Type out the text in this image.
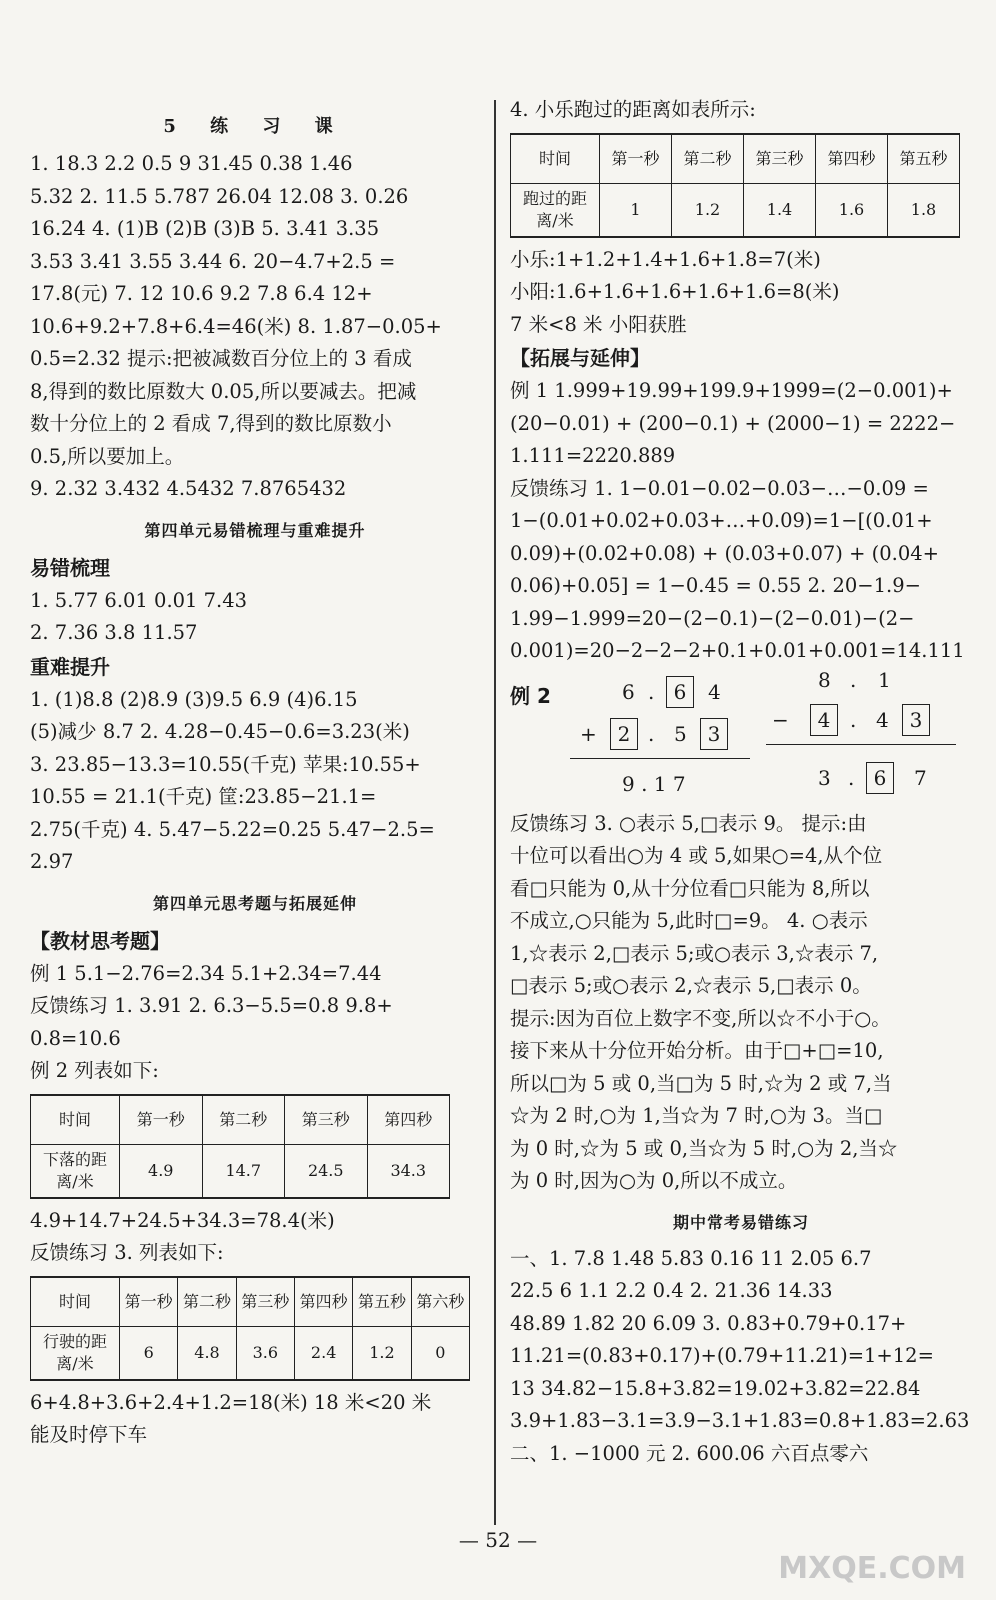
5 练 习 课
1. 18.3 2.2 0.5 9 31.45 0.38 1.46
5.32 2. 11.5 5.787 26.04 12.08 3. 0.26
16.24 4. (1)B (2)B (3)B 5. 3.41 3.35
3.53 3.41 3.55 3.44 6. 20−4.7+2.5 =
17.8(元) 7. 12 10.6 9.2 7.8 6.4 12+
10.6+9.2+7.8+6.4=46(米) 8. 1.87−0.05+
0.5=2.32 提示:把被减数百分位上的 3 看成
8,得到的数比原数大 0.05,所以要减去。把减
数十分位上的 2 看成 7,得到的数比原数小
0.5,所以要加上。
9. 2.32 3.432 4.5432 7.8765432
第四单元易错梳理与重难提升
易错梳理
1. 5.77 6.01 0.01 7.43
2. 7.36 3.8 11.57
重难提升
1. (1)8.8 (2)8.9 (3)9.5 6.9 (4)6.15
(5)减少 8.7 2. 4.28−0.45−0.6=3.23(米)
3. 23.85−13.3=10.55(千克) 苹果:10.55+
10.55 = 21.1(千克) 筐:23.85−21.1=
2.75(千克) 4. 5.47−5.22=0.25 5.47−2.5=
2.97
第四单元思考题与拓展延伸
【教材思考题】
例 1 5.1−2.76=2.34 5.1+2.34=7.44
反馈练习 1. 3.91 2. 6.3−5.5=0.8 9.8+
0.8=10.6
例 2 列表如下:
时间	第一秒	第二秒	第三秒	第四秒
下落的距离/米	4.9	14.7	24.5	34.3
4.9+14.7+24.5+34.3=78.4(米)
反馈练习 3. 列表如下:
时间	第一秒	第二秒	第三秒	第四秒	第五秒	第六秒
行驶的距离/米	6	4.8	3.6	2.4	1.2	0
6+4.8+3.6+2.4+1.2=18(米) 18 米<20 米
能及时停下车
4. 小乐跑过的距离如表所示:
时间	第一秒	第二秒	第三秒	第四秒	第五秒
跑过的距离/米	1	1.2	1.4	1.6	1.8
小乐:1+1.2+1.4+1.6+1.8=7(米)
小阳:1.6+1.6+1.6+1.6+1.6=8(米)
7 米<8 米 小阳获胜
【拓展与延伸】
例 1 1.999+19.99+199.9+1999=(2−0.001)+
(20−0.01) + (200−0.1) + (2000−1) = 2222−
1.111=2220.889
反馈练习 1. 1−0.01−0.02−0.03−…−0.09 =
1−(0.01+0.02+0.03+…+0.09)=1−[(0.01+
0.09)+(0.02+0.08) + (0.03+0.07) + (0.04+
0.06)+0.05] = 1−0.45 = 0.55 2. 20−1.9−
1.99−1.999=20−(2−0.1)−(2−0.01)−(2−
0.001)=20−2−2−2+0.1+0.01+0.001=14.111
例 2	6 . 6	4
+	2 . 5	3
9 . 1 7
8 . 1
−	4 . 4	3
3 . 6	7
反馈练习 3. ○表示 5,□表示 9。 提示:由
十位可以看出○为 4 或 5,如果○=4,从个位
看□只能为 0,从十分位看□只能为 8,所以
不成立,○只能为 5,此时□=9。 4. ○表示
1,☆表示 2,□表示 5;或○表示 3,☆表示 7,
□表示 5;或○表示 2,☆表示 5,□表示 0。
提示:因为百位上数字不变,所以☆不小于○。
接下来从十分位开始分析。由于□+□=10,
所以□为 5 或 0,当□为 5 时,☆为 2 或 7,当
☆为 2 时,○为 1,当☆为 7 时,○为 3。当□
为 0 时,☆为 5 或 0,当☆为 5 时,○为 2,当☆
为 0 时,因为○为 0,所以不成立。
期中常考易错练习
一、1. 7.8 1.48 5.83 0.16 11 2.05 6.7
22.5 6 1.1 2.2 0.4 2. 21.36 14.33
48.89 1.82 20 6.09 3. 0.83+0.79+0.17+
11.21=(0.83+0.17)+(0.79+11.21)=1+12=
13 34.82−15.8+3.82=19.02+3.82=22.84
3.9+1.83−3.1=3.9−3.1+1.83=0.8+1.83=2.63
二、1. −1000 元 2. 600.06 六百点零六
— 52 —
MXQE.COM
